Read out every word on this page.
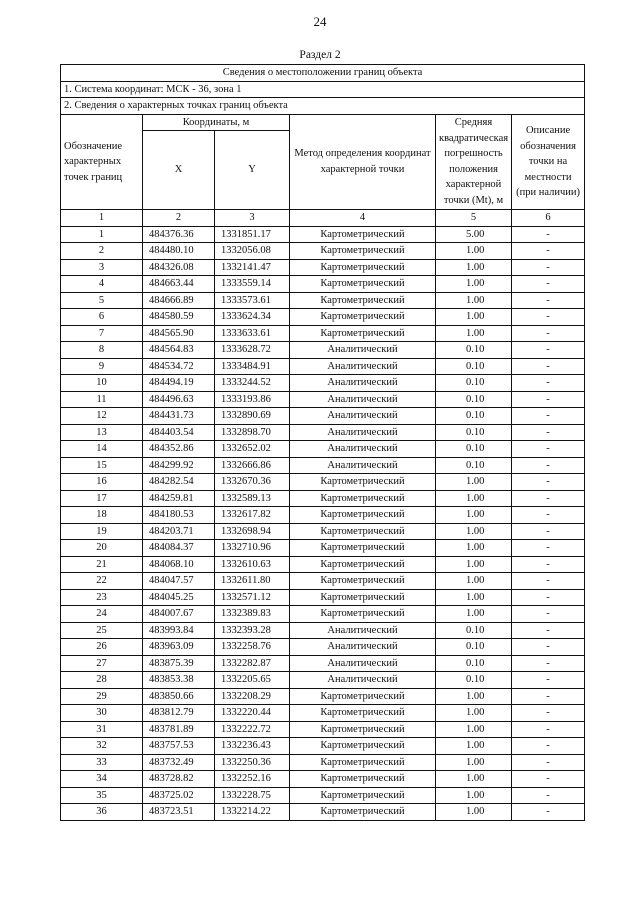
24
Раздел 2
Сведения о местоположении границ объекта					
1. Система координат: МСК - 36, зона 1					
2. Сведения о характерных точках границ объекта					
Обозначение характерных точек границ	Координаты, м		Метод определения координат характерной точки	Средняя квадратическая погрешность положения характерной точки (Mt), м	Описание обозначения точки на местности (при наличии)
	X	Y			
1	2	3	4	5	6
1	484376.36	1331851.17	Картометрический	5.00	-
2	484480.10	1332056.08	Картометрический	1.00	-
3	484326.08	1332141.47	Картометрический	1.00	-
4	484663.44	1333559.14	Картометрический	1.00	-
5	484666.89	1333573.61	Картометрический	1.00	-
6	484580.59	1333624.34	Картометрический	1.00	-
7	484565.90	1333633.61	Картометрический	1.00	-
8	484564.83	1333628.72	Аналитический	0.10	-
9	484534.72	1333484.91	Аналитический	0.10	-
10	484494.19	1333244.52	Аналитический	0.10	-
11	484496.63	1333193.86	Аналитический	0.10	-
12	484431.73	1332890.69	Аналитический	0.10	-
13	484403.54	1332898.70	Аналитический	0.10	-
14	484352.86	1332652.02	Аналитический	0.10	-
15	484299.92	1332666.86	Аналитический	0.10	-
16	484282.54	1332670.36	Картометрический	1.00	-
17	484259.81	1332589.13	Картометрический	1.00	-
18	484180.53	1332617.82	Картометрический	1.00	-
19	484203.71	1332698.94	Картометрический	1.00	-
20	484084.37	1332710.96	Картометрический	1.00	-
21	484068.10	1332610.63	Картометрический	1.00	-
22	484047.57	1332611.80	Картометрический	1.00	-
23	484045.25	1332571.12	Картометрический	1.00	-
24	484007.67	1332389.83	Картометрический	1.00	-
25	483993.84	1332393.28	Аналитический	0.10	-
26	483963.09	1332258.76	Аналитический	0.10	-
27	483875.39	1332282.87	Аналитический	0.10	-
28	483853.38	1332205.65	Аналитический	0.10	-
29	483850.66	1332208.29	Картометрический	1.00	-
30	483812.79	1332220.44	Картометрический	1.00	-
31	483781.89	1332222.72	Картометрический	1.00	-
32	483757.53	1332236.43	Картометрический	1.00	-
33	483732.49	1332250.36	Картометрический	1.00	-
34	483728.82	1332252.16	Картометрический	1.00	-
35	483725.02	1332228.75	Картометрический	1.00	-
36	483723.51	1332214.22	Картометрический	1.00	-
